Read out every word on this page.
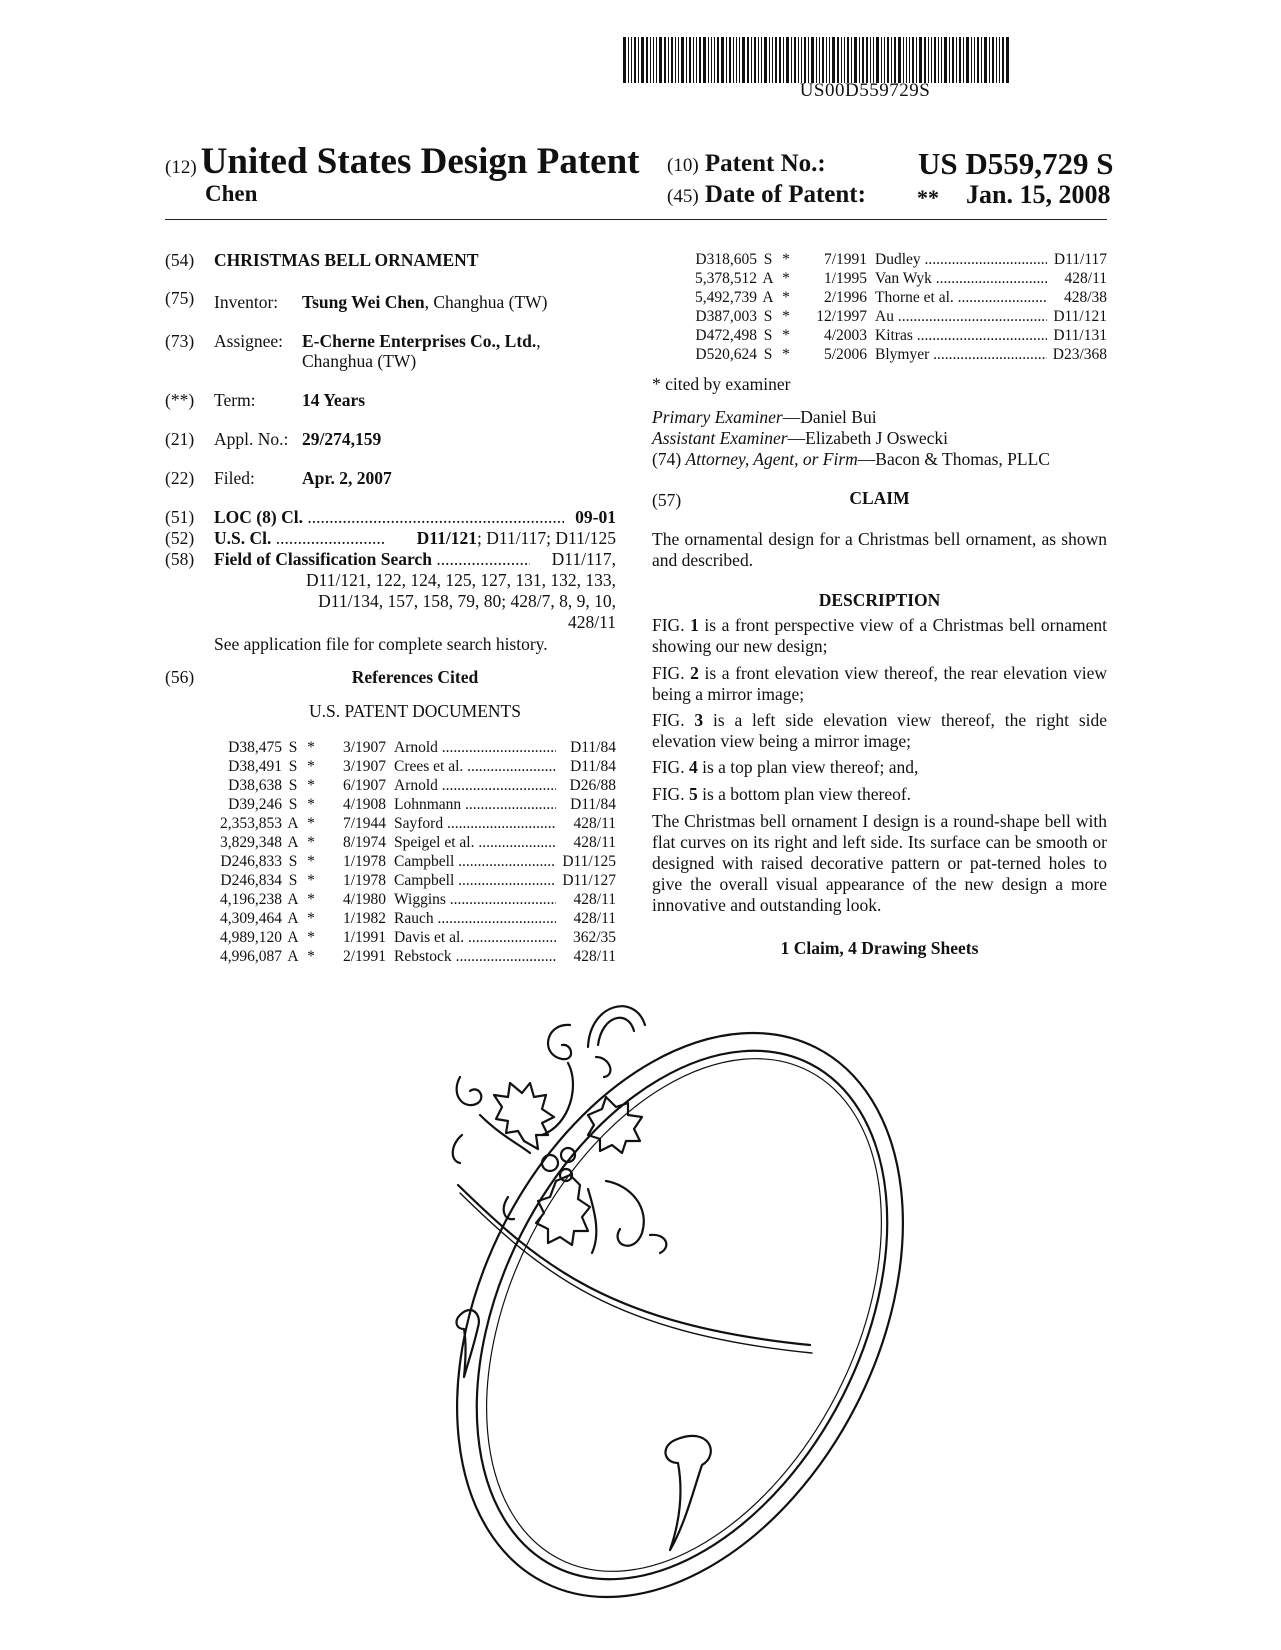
US00D559729S
(12) United States Design Patent
Chen
(10) Patent No.:	US D559,729 S
(45) Date of Patent: ** Jan. 15, 2008
(54) CHRISTMAS BELL ORNAMENT
(75) Inventor: Tsung Wei Chen, Changhua (TW)
(73) Assignee: E-Cherne Enterprises Co., Ltd.,
Changhua (TW)
(**) Term:	14 Years
(21) Appl. No.: 29/274,159
(22) Filed:	Apr. 2, 2007
(51) LOC (8) Cl. .....	09-01
(52) U.S. Cl. .....	D11/121; D11/117; D11/125
(58) Field of Classification Search .....	D11/117,
D11/121, 122, 124, 125, 127, 131, 132, 133,
D11/134, 157, 158, 79, 80; 428/7, 8, 9, 10,
428/11
See application file for complete search history.
(56)	References Cited
U.S. PATENT DOCUMENTS
D38,475 S *	3/1907 Arnold .....	D11/84
D38,491 S *	3/1907 Crees et al. .....	D11/84
D38,638 S *	6/1907 Arnold .....	D26/88
D39,246 S *	4/1908 Lohnmann .....	D11/84
2,353,853 A *	7/1944 Sayford .....	428/11
3,829,348 A *	8/1974 Speigel et al. .....	428/11
D246,833 S *	1/1978 Campbell .....	D11/125
D246,834 S *	1/1978 Campbell .....	D11/127
4,196,238 A *	4/1980 Wiggins .....	428/11
4,309,464 A *	1/1982 Rauch .....	428/11
4,989,120 A *	1/1991 Davis et al. .....	362/35
4,996,087 A *	2/1991 Rebstock .....	428/11
D318,605 S *	7/1991 Dudley .....	D11/117
5,378,512 A *	1/1995 Van Wyk .....	428/11
5,492,739 A *	2/1996 Thorne et al. .....	428/38
D387,003 S *	12/1997 Au .....	D11/121
D472,498 S *	4/2003 Kitras .....	D11/131
D520,624 S *	5/2006 Blymyer .....	D23/368
* cited by examiner
Primary Examiner—Daniel Bui
Assistant Examiner—Elizabeth J Oswecki
(74) Attorney, Agent, or Firm—Bacon & Thomas, PLLC
(57)	CLAIM
The ornamental design for a Christmas bell ornament, as shown and described.
DESCRIPTION
FIG. 1 is a front perspective view of a Christmas bell ornament showing our new design;
FIG. 2 is a front elevation view thereof, the rear elevation view being a mirror image;
FIG. 3 is a left side elevation view thereof, the right side elevation view being a mirror image;
FIG. 4 is a top plan view thereof; and,
FIG. 5 is a bottom plan view thereof.
The Christmas bell ornament I design is a round-shape bell with flat curves on its right and left side. Its surface can be smooth or designed with raised decorative pattern or pat-terned holes to give the overall visual appearance of the new design a more innovative and outstanding look.
1 Claim, 4 Drawing Sheets
